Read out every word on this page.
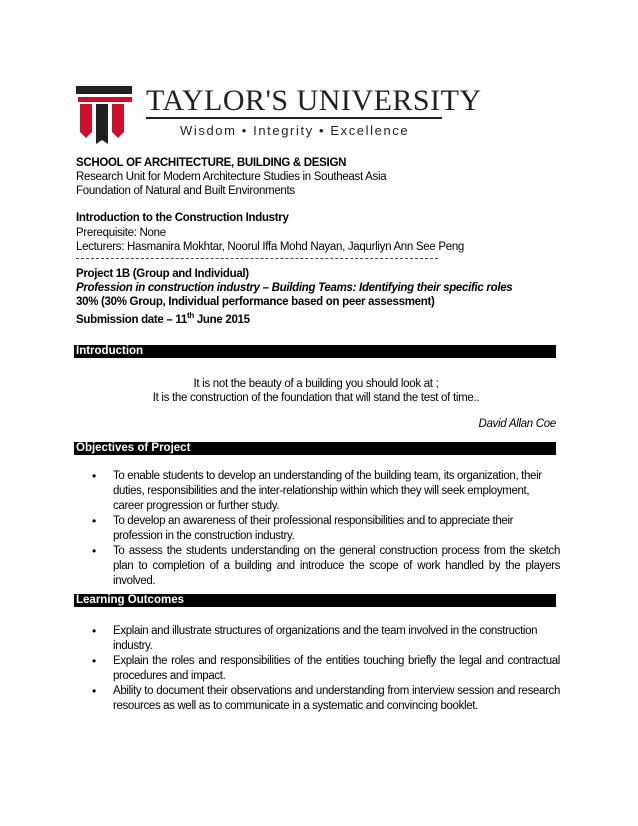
TAYLOR'S UNIVERSITY
Wisdom • Integrity • Excellence
SCHOOL OF ARCHITECTURE, BUILDING & DESIGN
Research Unit for Modern Architecture Studies in Southeast Asia
Foundation of Natural and Built Environments
Introduction to the Construction Industry
Prerequisite: None
Lecturers: Hasmanira Mokhtar, Noorul Iffa Mohd Nayan, Jaqurliyn Ann See Peng
Project 1B (Group and Individual)
Profession in construction industry – Building Teams: Identifying their specific roles
30% (30% Group, Individual performance based on peer assessment)
Submission date – 11th June 2015
Introduction
It is not the beauty of a building you should look at ;
It is the construction of the foundation that will stand the test of time..
David Allan Coe
Objectives of Project
• To enable students to develop an understanding of the building team, its organization, their duties, responsibilities and the inter-relationship within which they will seek employment, career progression or further study.
• To develop an awareness of their professional responsibilities and to appreciate their profession in the construction industry.
• To assess the students understanding on the general construction process from the sketch plan to completion of a building and introduce the scope of work handled by the players involved.
Learning Outcomes
• Explain and illustrate structures of organizations and the team involved in the construction industry.
• Explain the roles and responsibilities of the entities touching briefly the legal and contractual procedures and impact.
• Ability to document their observations and understanding from interview session and research resources as well as to communicate in a systematic and convincing booklet.
